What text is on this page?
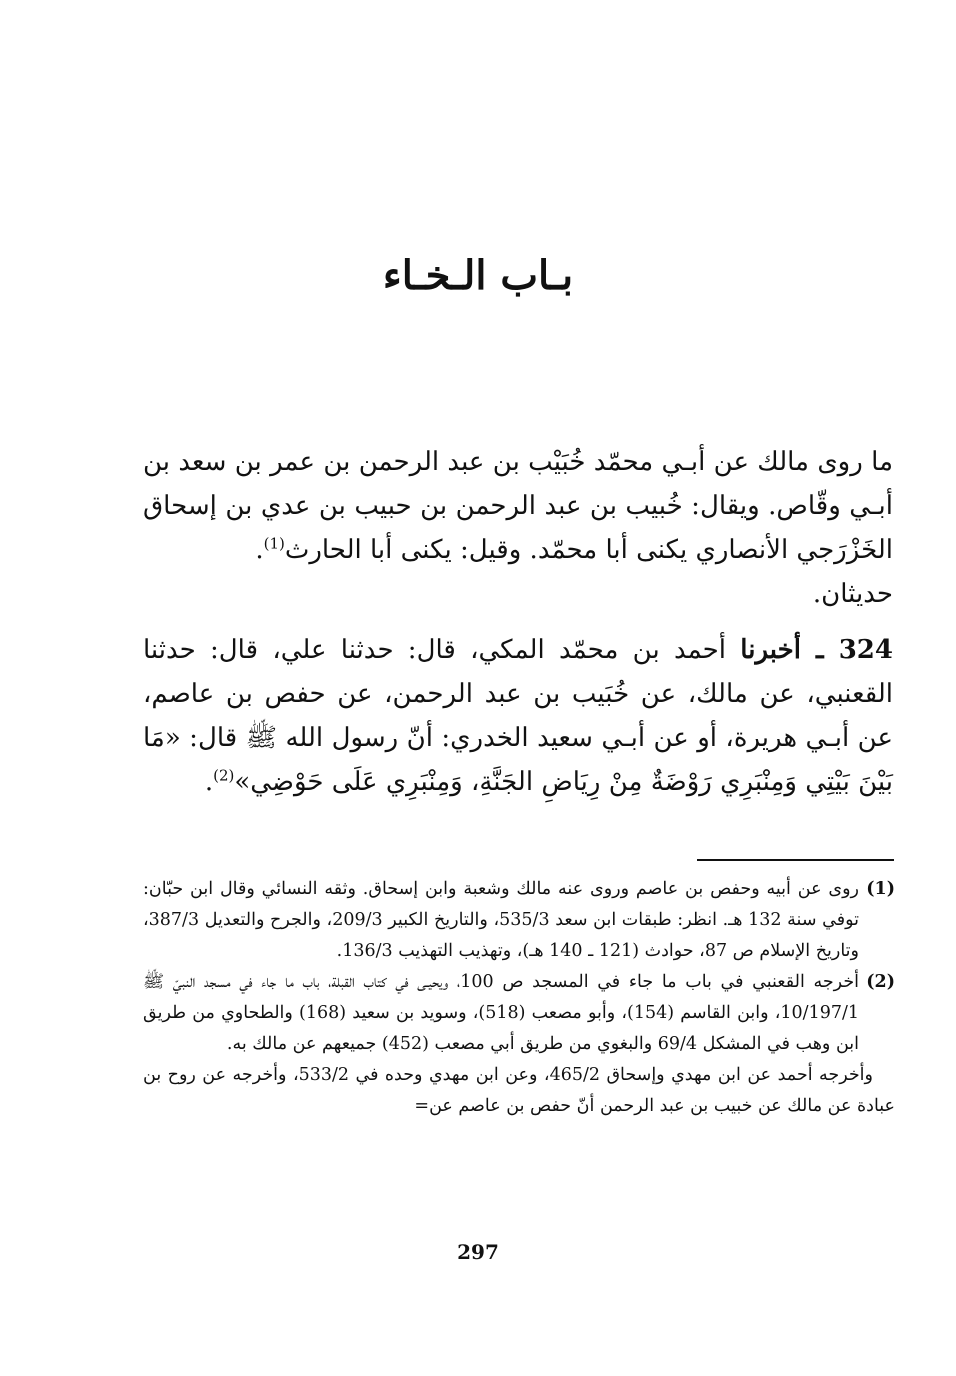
بـاب الـخـاء

ما روى مالك عن أبـي محمّد خُبَيْب بن عبد الرحمن بن عمر بن سعد بن أبـي وقّاص. ويقال: خُبيب بن عبد الرحمن بن حبيب بن عدي بن إسحاق الخَزْرَجي الأنصاري يكنى أبا محمّد. وقيل: يكنى أبا الحارث$^{(1)}$.
حديثان.

324 ـ أخبرنا أحمد بن محمّد المكي، قال: حدثنا علي، قال: حدثنا القعنبي، عن مالك، عن خُبَيب بن عبد الرحمن، عن حفص بن عاصم، عن أبـي هريرة، أو عن أبـي سعيد الخدري: أنّ رسول الله ﷺ قال: «مَا بَيْنَ بَيْتِي وَمِنْبَرِي رَوْضَةٌ مِنْ رِيَاضِ الجَنَّةِ، وَمِنْبَرِي عَلَى حَوْضِي»$^{(2)}$.

(1)
روى عن أبيه وحفص بن عاصم وروى عنه مالك وشعبة وابن إسحاق. وثقه النسائي وقال ابن حبّان: توفي سنة 132 هـ. انظر: طبقات ابن سعد 535/3، والتاريخ الكبير 209/3، والجرح والتعديل 387/3، وتاريخ الإسلام ص 87، حوادث (121 ـ 140 هـ)، وتهذيب التهذيب 136/3.
(2)
أخرجه القعنبي في باب ما جاء في المسجد ص 100، ويحيـى في كتاب القبلة، باب ما جاء في مسجد النبيّ ﷺ 10/197/1، وابن القاسم (154)، وأبو مصعب (518)، وسويد بن سعيد (168) والطحاوي من طريق ابن وهب في المشكل 69/4 والبغوي من طريق أبي مصعب (452) جميعهم عن مالك به.
وأخرجه أحمد عن ابن مهدي وإسحاق 465/2، وعن ابن مهدي وحده في 533/2، وأخرجه عن روح بن عبادة عن مالك عن خبيب بن عبد الرحمن أنّ حفص بن عاصم عن=
297
